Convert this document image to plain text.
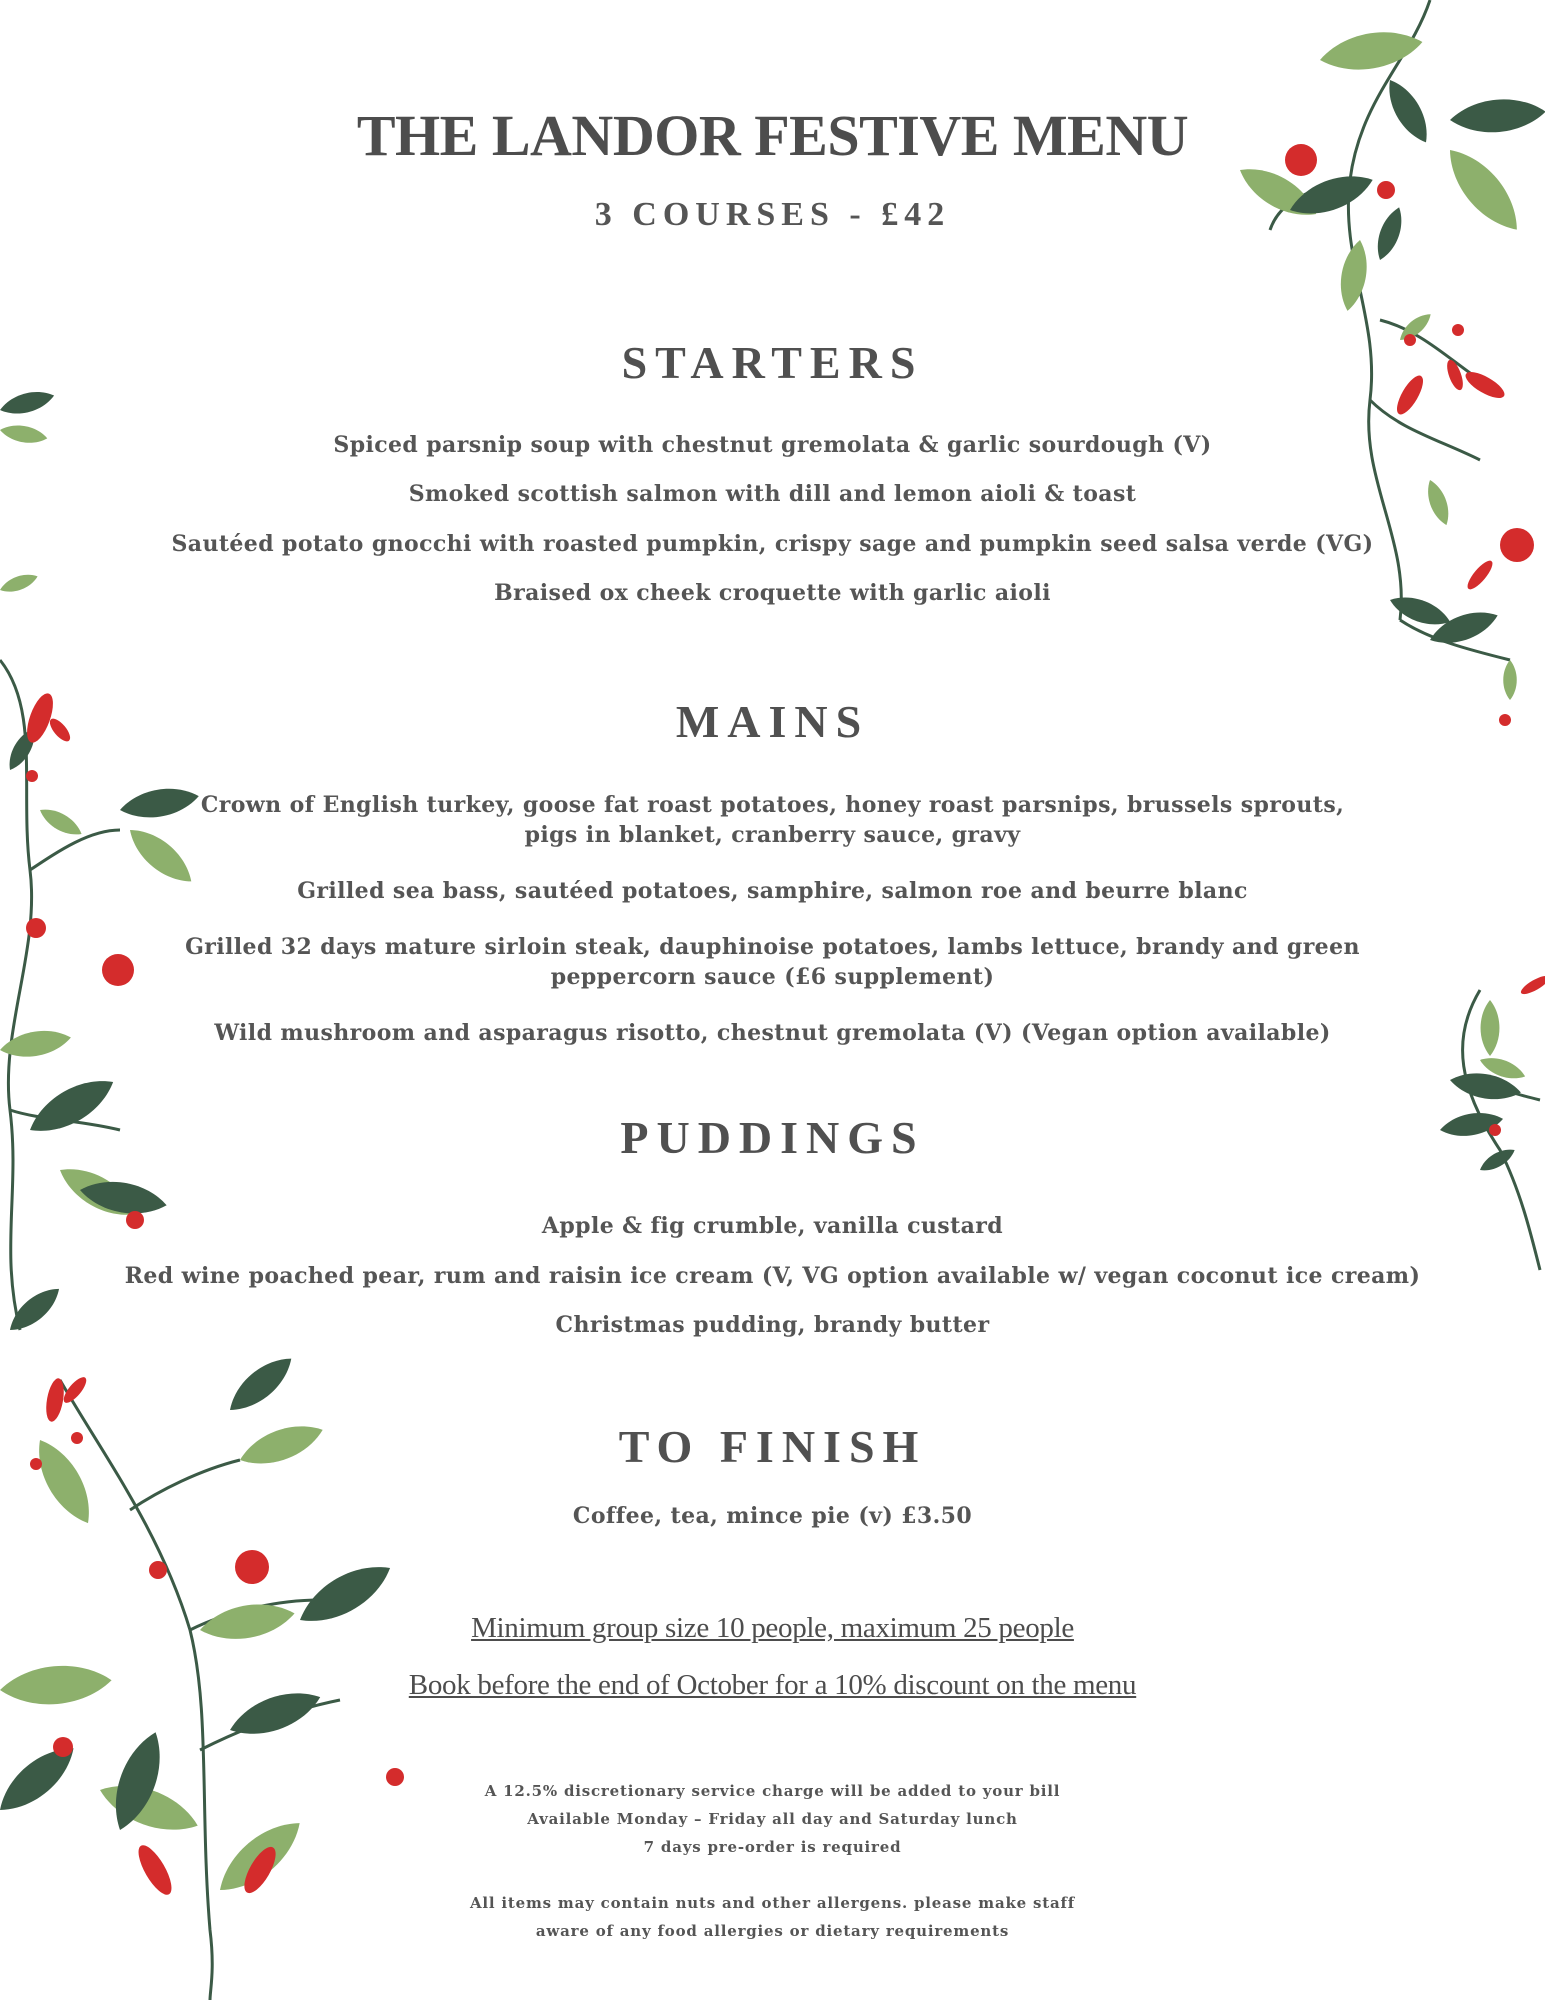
THE LANDOR FESTIVE MENU
3 COURSES - £42
STARTERS
Spiced parsnip soup with chestnut gremolata & garlic sourdough (V)
Smoked scottish salmon with dill and lemon aioli & toast
Sautéed potato gnocchi with roasted pumpkin, crispy sage and pumpkin seed salsa verde (VG)
Braised ox cheek croquette with garlic aioli
MAINS
Crown of English turkey, goose fat roast potatoes, honey roast parsnips, brussels sprouts,
pigs in blanket, cranberry sauce, gravy
Grilled sea bass, sautéed potatoes, samphire, salmon roe and beurre blanc
Grilled 32 days mature sirloin steak, dauphinoise potatoes, lambs lettuce, brandy and green
peppercorn sauce (£6 supplement)
Wild mushroom and asparagus risotto, chestnut gremolata (V) (Vegan option available)
PUDDINGS
Apple & fig crumble, vanilla custard
Red wine poached pear, rum and raisin ice cream (V, VG option available w/ vegan coconut ice cream)
Christmas pudding, brandy butter
TO FINISH
Coffee, tea, mince pie (v) £3.50
Minimum group size 10 people, maximum 25 people
Book before the end of October for a 10% discount on the menu
A 12.5% discretionary service charge will be added to your bill
Available Monday – Friday all day and Saturday lunch
7 days pre-order is required
All items may contain nuts and other allergens. please make staff
aware of any food allergies or dietary requirements
